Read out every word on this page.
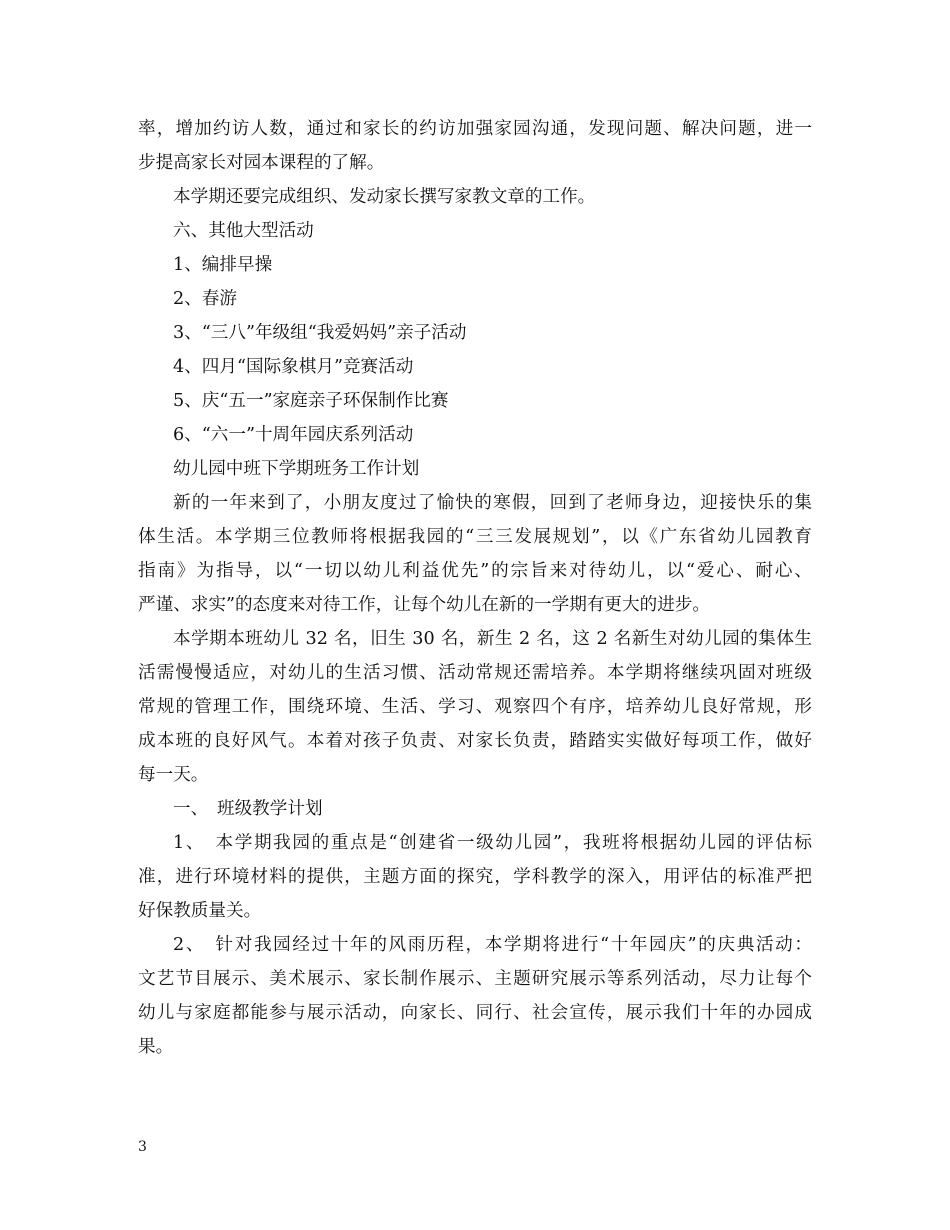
率，增加约访人数，通过和家长的约访加强家园沟通，发现问题、解决问题，进一
步提高家长对园本课程的了解。
本学期还要完成组织、发动家长撰写家教文章的工作。
六、其他大型活动
1、编排早操
2、春游
3、“三八”年级组“我爱妈妈”亲子活动
4、四月“国际象棋月”竞赛活动
5、庆“五一”家庭亲子环保制作比赛
6、“六一”十周年园庆系列活动
幼儿园中班下学期班务工作计划
新的一年来到了，小朋友度过了愉快的寒假，回到了老师身边，迎接快乐的集
体生活。本学期三位教师将根据我园的“三三发展规划”，以《广东省幼儿园教育
指南》为指导，以“一切以幼儿利益优先”的宗旨来对待幼儿，以“爱心、耐心、
严谨、求实”的态度来对待工作，让每个幼儿在新的一学期有更大的进步。
本学期本班幼儿 32 名，旧生 30 名，新生 2 名，这 2 名新生对幼儿园的集体生
活需慢慢适应，对幼儿的生活习惯、活动常规还需培养。本学期将继续巩固对班级
常规的管理工作，围绕环境、生活、学习、观察四个有序，培养幼儿良好常规，形
成本班的良好风气。本着对孩子负责、对家长负责，踏踏实实做好每项工作，做好
每一天。
一、　班级教学计划
1、　本学期我园的重点是“创建省一级幼儿园”，我班将根据幼儿园的评估标
准，进行环境材料的提供，主题方面的探究，学科教学的深入，用评估的标准严把
好保教质量关。
2、　针对我园经过十年的风雨历程，本学期将进行“十年园庆”的庆典活动：
文艺节目展示、美术展示、家长制作展示、主题研究展示等系列活动，尽力让每个
幼儿与家庭都能参与展示活动，向家长、同行、社会宣传，展示我们十年的办园成
果。
3
